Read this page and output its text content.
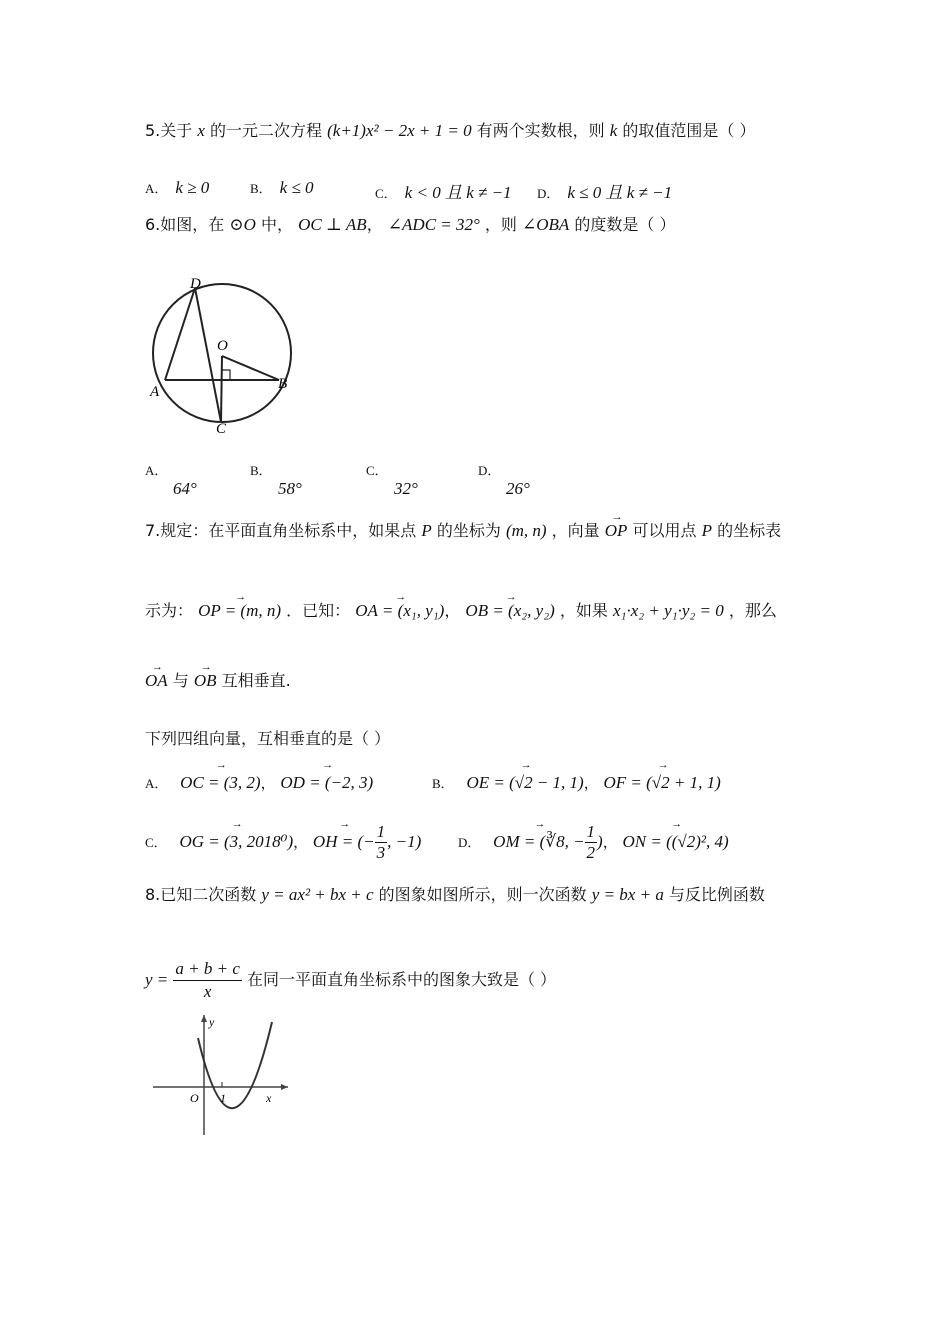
5.关于 x 的一元二次方程 (k+1)x² − 2x + 1 = 0 有两个实数根，则 k 的取值范围是（ ）
A． k ≥ 0	B． k ≤ 0	C． k < 0 且 k ≠ −1 D． k ≤ 0 且 k ≠ −1
6.如图，在 ⊙O 中， OC ⊥ AB， ∠ADC = 32° ，则 ∠OBA 的度数是（ ）
D
O
A	B
C
A．
64°
B．
58°
C．
32°
D．
26°
7.规定：在平面直角坐标系中，如果点 P 的坐标为 (m, n) ，向量 → OP 可以用点 P 的坐标表
示为： → OP = (m, n) ．已知： → OA = (x₁, y₁)， → OB = (x₂, y₂) ，如果 x₁·x₂ + y₁·y₂ = 0 ，那么
→ OA 与 → OB 互相垂直.
下列四组向量，互相垂直的是（ ）
A． → OC = (3, 2)， → OD = (−2, 3)	B． → OE = (√2 − 1, 1)， → OF = (√2 + 1, 1)
C． → OG = (3, 2018⁰)， → OH = (− $\frac{1}{3}$ , −1)	D． → OM = (∛8, − $\frac{1}{2}$ )， → ON = ((√2)², 4)
8.已知二次函数 y = ax² + bx + c 的图象如图所示，则一次函数 y = bx + a 与反比例函数
$y = \frac{a + b + c}{x}$ 在同一平面直角坐标系中的图象大致是（ ）
y
x
O 1
